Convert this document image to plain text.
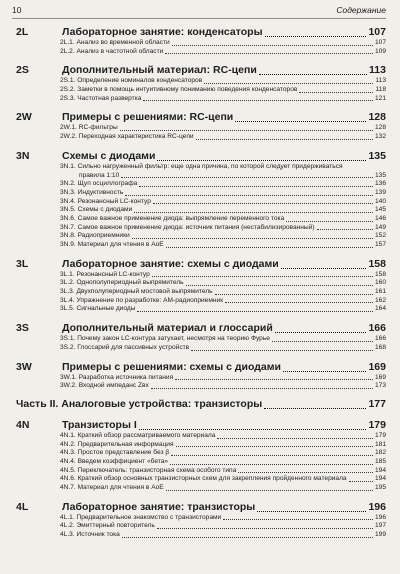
10	Содержание
2L	Лабораторное занятие: конденсаторы	107
2L.1. Анализ во временной области	107
2L.2. Анализ в частотной области	109
2S	Дополнительный материал: RC-цепи	113
2S.1. Определение номиналов конденсаторов	113
2S.2. Заметки в помощь интуитивному пониманию поведения конденсаторов	118
2S.3. Частотная развертка	121
2W	Примеры с решениями: RC-цепи	128
2W.1. RC-фильтры	128
2W.2. Переходная характеристика RC-цепи	132
3N	Схемы с диодами	135
3N.1. Сильно нагруженный фильтр: еще одна причина, по которой следует придерживаться
правила 1:10	135
3N.2. Щуп осциллографа	136
3N.3. Индуктивность	139
3N.4. Резонансный LC-контур	140
3N.5. Схемы с диодами	145
3N.6. Самое важное применение диода: выпрямление переменного тока	146
3N.7. Самое важное применение диода: источник питания (нестабилизированный)	149
3N.8. Радиоприемники	152
3N.9. Материал для чтения в AoE	157
3L	Лабораторное занятие: схемы с диодами	158
3L.1. Резонансный LC-контур	158
3L.2. Однополупериодный выпрямитель	160
3L.3. Двухполупериодный мостовой выпрямитель	161
3L.4. Упражнение по разработке: АМ-радиоприемник	162
3L.5. Сигнальные диоды	164
3S	Дополнительный материал и глоссарий	166
3S.1. Почему закон LC-контура затухает, несмотря на теорию Фурье	166
3S.2. Глоссарий для пассивных устройств	168
3W	Примеры с решениями: схемы с диодами	169
3W.1. Разработка источника питания	169
3W.2. Входной импеданс Zвх	173
Часть II. Аналоговые устройства: транзисторы	177
4N	Транзисторы I	179
4N.1. Краткий обзор рассматриваемого материала	179
4N.2. Предварительная информация	181
4N.3. Простое представление без β	182
4N.4. Введем коэффициент «бета»	185
4N.5. Переключатель: транзисторная схема особого типа	194
4N.6. Краткий обзор основных транзисторных схем для закрепления пройденного материала	194
4N.7. Материал для чтения в AoE	195
4L	Лабораторное занятие: транзисторы	196
4L.1. Предварительное знакомство с транзисторами	196
4L.2. Эмиттерный повторитель	197
4L.3. Источник тока	199
